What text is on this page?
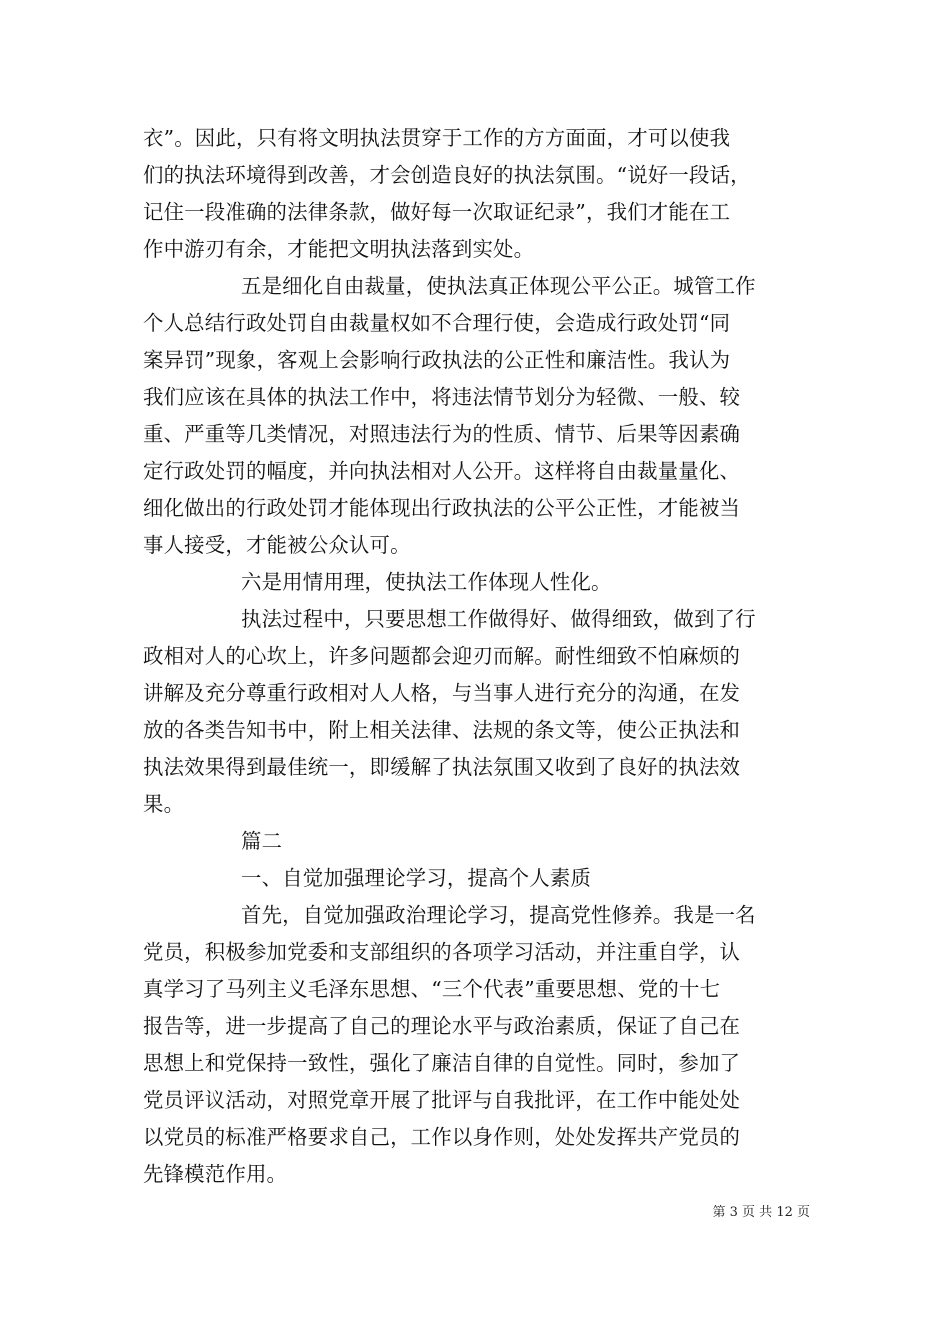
衣”。因此，只有将文明执法贯穿于工作的方方面面，才可以使我
们的执法环境得到改善，才会创造良好的执法氛围。“说好一段话，
记住一段准确的法律条款，做好每一次取证纪录”，我们才能在工
作中游刃有余，才能把文明执法落到实处。
五是细化自由裁量，使执法真正体现公平公正。城管工作
个人总结行政处罚自由裁量权如不合理行使，会造成行政处罚“同
案异罚”现象，客观上会影响行政执法的公正性和廉洁性。我认为
我们应该在具体的执法工作中，将违法情节划分为轻微、一般、较
重、严重等几类情况，对照违法行为的性质、情节、后果等因素确
定行政处罚的幅度，并向执法相对人公开。这样将自由裁量量化、
细化做出的行政处罚才能体现出行政执法的公平公正性，才能被当
事人接受，才能被公众认可。
六是用情用理，使执法工作体现人性化。
执法过程中，只要思想工作做得好、做得细致，做到了行
政相对人的心坎上，许多问题都会迎刃而解。耐性细致不怕麻烦的
讲解及充分尊重行政相对人人格，与当事人进行充分的沟通，在发
放的各类告知书中，附上相关法律、法规的条文等，使公正执法和
执法效果得到最佳统一，即缓解了执法氛围又收到了良好的执法效
果。
篇二
一、自觉加强理论学习，提高个人素质
首先，自觉加强政治理论学习，提高党性修养。我是一名
党员，积极参加党委和支部组织的各项学习活动，并注重自学，认
真学习了马列主义毛泽东思想、“三个代表”重要思想、党的十七
报告等，进一步提高了自己的理论水平与政治素质，保证了自己在
思想上和党保持一致性，强化了廉洁自律的自觉性。同时，参加了
党员评议活动，对照党章开展了批评与自我批评，在工作中能处处
以党员的标准严格要求自己，工作以身作则，处处发挥共产党员的
先锋模范作用。
第 3 页 共 12 页
